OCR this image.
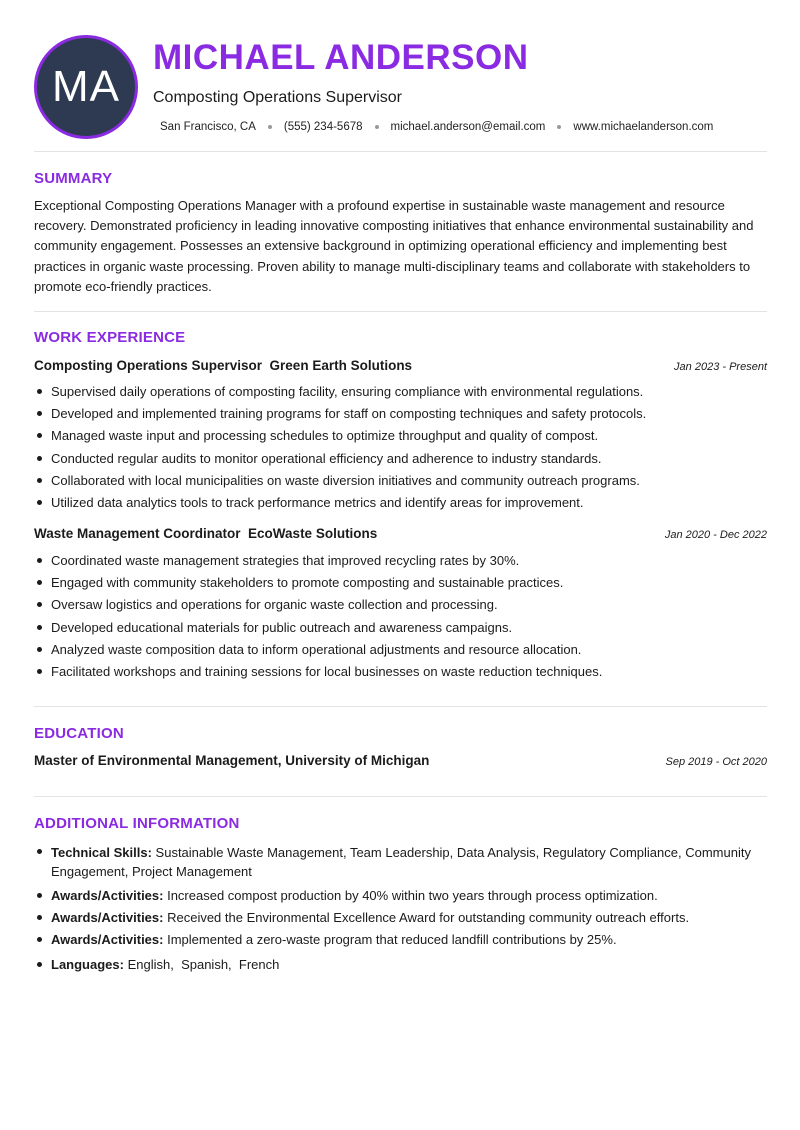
MA
MICHAEL ANDERSON
Composting Operations Supervisor
San Francisco, CA (555) 234-5678 michael.anderson@email.com www.michaelanderson.com
SUMMARY

Exceptional Composting Operations Manager with a profound expertise in sustainable waste management and resource recovery. Demonstrated proficiency in leading innovative composting initiatives that enhance environmental sustainability and community engagement. Possesses an extensive background in optimizing operational efficiency and implementing best practices in organic waste processing. Proven ability to manage multi-disciplinary teams and collaborate with stakeholders to promote eco-friendly practices.

WORK EXPERIENCE
Composting Operations Supervisor Green Earth Solutions	Jan 2023 - Present
Supervised daily operations of composting facility, ensuring compliance with environmental regulations.
Developed and implemented training programs for staff on composting techniques and safety protocols.
Managed waste input and processing schedules to optimize throughput and quality of compost.
Conducted regular audits to monitor operational efficiency and adherence to industry standards.
Collaborated with local municipalities on waste diversion initiatives and community outreach programs.
Utilized data analytics tools to track performance metrics and identify areas for improvement.
Waste Management Coordinator EcoWaste Solutions	Jan 2020 - Dec 2022
Coordinated waste management strategies that improved recycling rates by 30%.
Engaged with community stakeholders to promote composting and sustainable practices.
Oversaw logistics and operations for organic waste collection and processing.
Developed educational materials for public outreach and awareness campaigns.
Analyzed waste composition data to inform operational adjustments and resource allocation.
Facilitated workshops and training sessions for local businesses on waste reduction techniques.
EDUCATION
Master of Environmental Management, University of Michigan	Sep 2019 - Oct 2020
ADDITIONAL INFORMATION
Technical Skills: Sustainable Waste Management, Team Leadership, Data Analysis, Regulatory Compliance, Community Engagement, Project Management
Awards/Activities: Increased compost production by 40% within two years through process optimization.
Awards/Activities: Received the Environmental Excellence Award for outstanding community outreach efforts.
Awards/Activities: Implemented a zero-waste program that reduced landfill contributions by 25%.
Languages: English,  Spanish,  French
